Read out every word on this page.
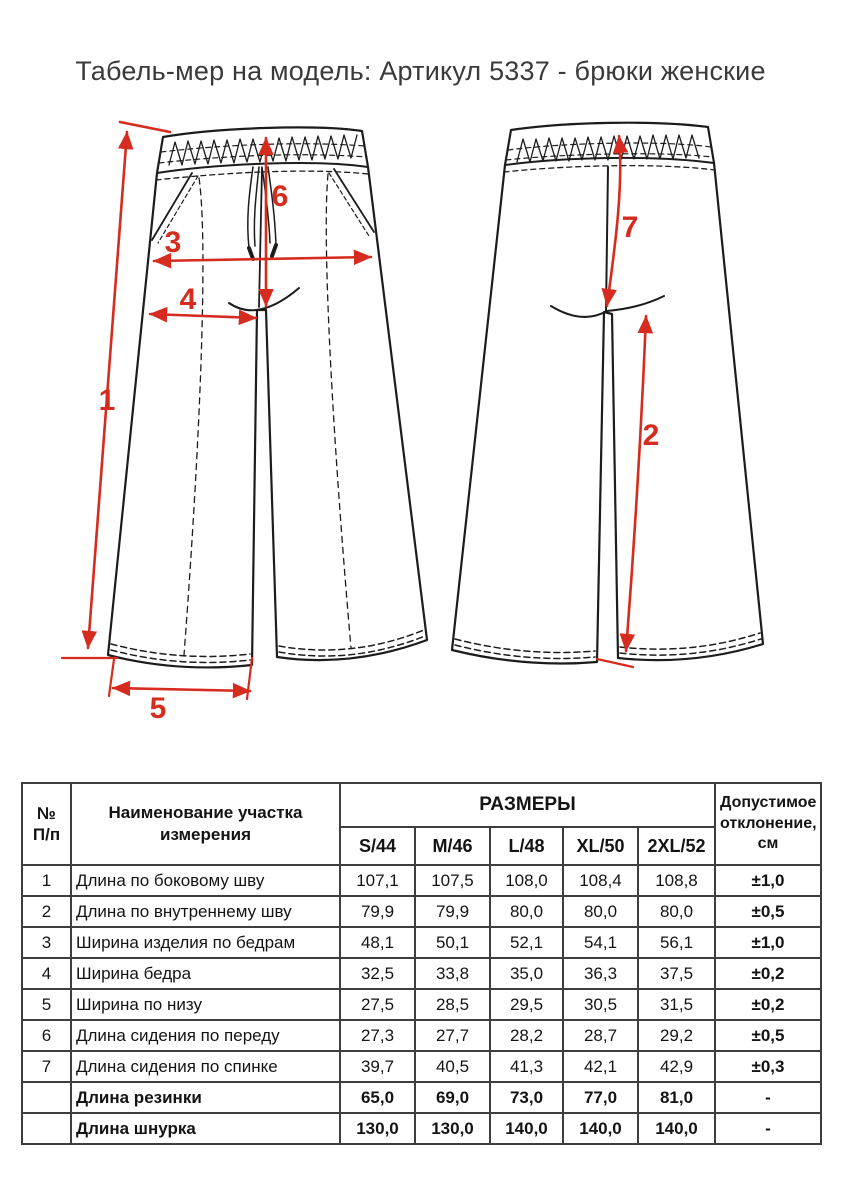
Табель-мер на модель: Артикул 5337 - брюки женские
1
3
4
5
6
7
2
№
П/п	Наименование участка измерения	РАЗМЕРЫ					Допустимое отклонение, см
		S/44	M/46	L/48	XL/50	2XL/52	
1	Длина по боковому шву	107,1	107,5	108,0	108,4	108,8	±1,0
2	Длина по внутреннему шву	79,9	79,9	80,0	80,0	80,0	±0,5
3	Ширина изделия по бедрам	48,1	50,1	52,1	54,1	56,1	±1,0
4	Ширина бедра	32,5	33,8	35,0	36,3	37,5	±0,2
5	Ширина по низу	27,5	28,5	29,5	30,5	31,5	±0,2
6	Длина сидения по переду	27,3	27,7	28,2	28,7	29,2	±0,5
7	Длина сидения по спинке	39,7	40,5	41,3	42,1	42,9	±0,3
	Длина резинки	65,0	69,0	73,0	77,0	81,0	-
	Длина шнурка	130,0	130,0	140,0	140,0	140,0	-
